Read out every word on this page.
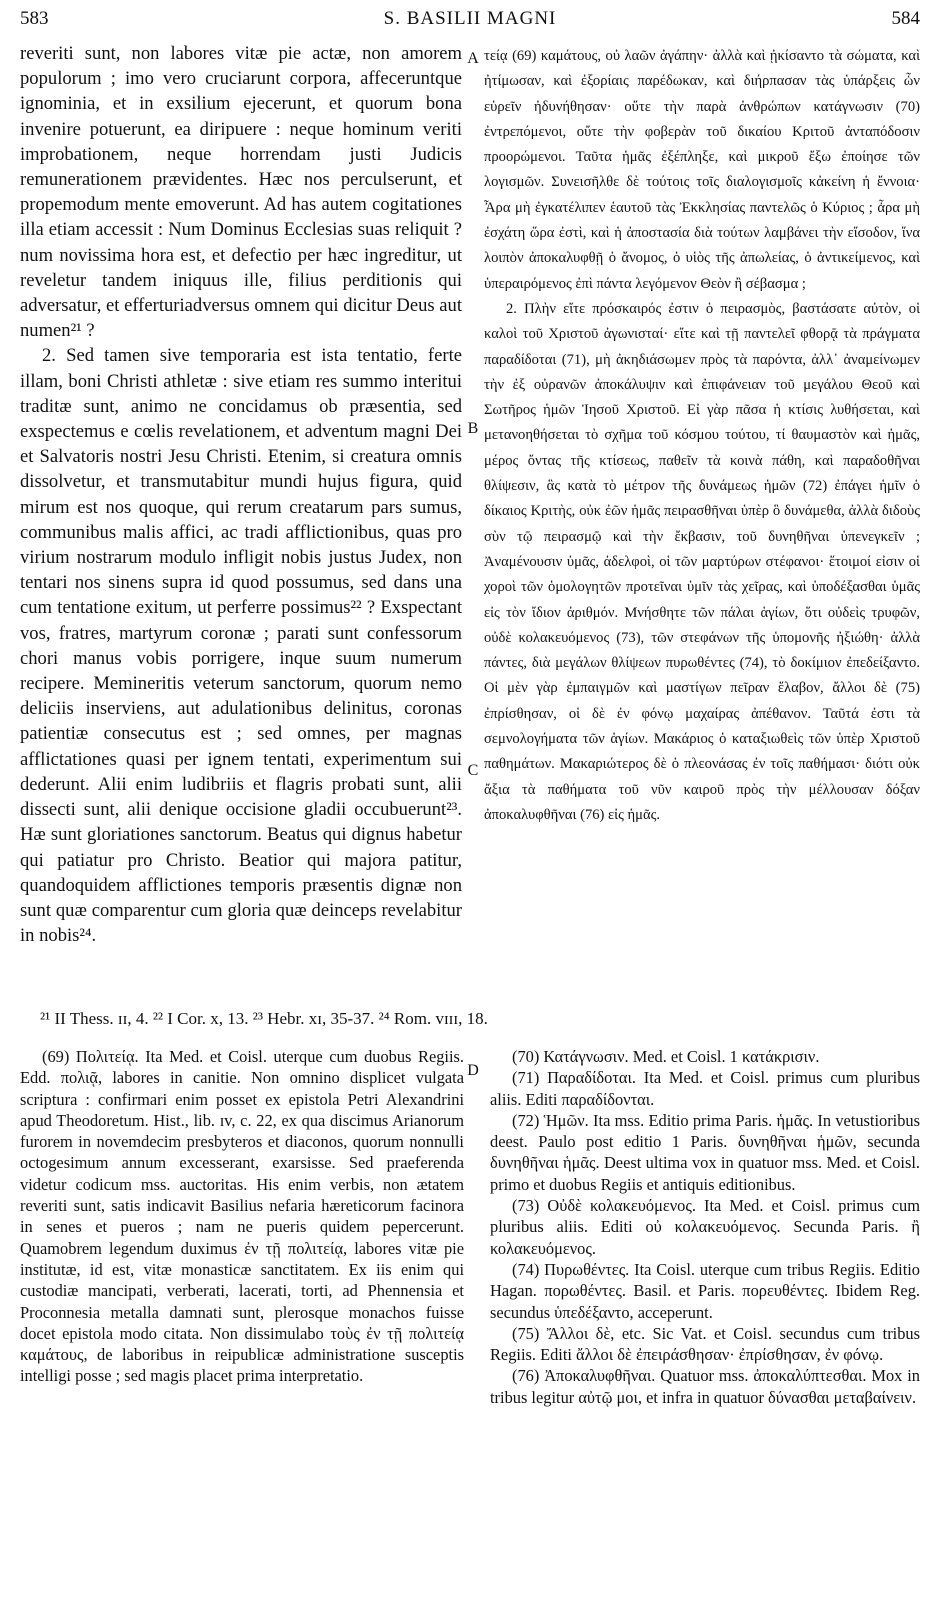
583	S. BASILII MAGNI	584

reveriti sunt, non labores vitæ pie actæ, non amorem populorum ; imo vero cruciarunt corpora, affeceruntque ignominia, et in exsilium ejecerunt, et quorum bona invenire potuerunt, ea diripuere : neque hominum veriti improbationem, neque horrendam justi Judicis remunerationem prævidentes. Hæc nos perculserunt, et propemodum mente emoverunt. Ad has autem cogitationes illa etiam accessit : Num Dominus Ecclesias suas reliquit ? num novissima hora est, et defectio per hæc ingreditur, ut reveletur tandem iniquus ille, filius perditionis qui adversatur, et efferturiadversus omnem qui dicitur Deus aut numen²¹ ?

2. Sed tamen sive temporaria est ista tentatio, ferte illam, boni Christi athletæ : sive etiam res summo interitui traditæ sunt, animo ne concidamus ob præsentia, sed exspectemus e cœlis revelationem, et adventum magni Dei et Salvatoris nostri Jesu Christi. Etenim, si creatura omnis dissolvetur, et transmutabitur mundi hujus figura, quid mirum est nos quoque, qui rerum creatarum pars sumus, communibus malis affici, ac tradi afflictionibus, quas pro virium nostrarum modulo infligit nobis justus Judex, non tentari nos sinens supra id quod possumus, sed dans una cum tentatione exitum, ut perferre possimus²² ? Exspectant vos, fratres, martyrum coronæ ; parati sunt confessorum chori manus vobis porrigere, inque suum numerum recipere. Memineritis veterum sanctorum, quorum nemo deliciis inserviens, aut adulationibus delinitus, coronas patientiæ consecutus est ; sed omnes, per magnas afflictationes quasi per ignem tentati, experimentum sui dederunt. Alii enim ludibriis et flagris probati sunt, alii dissecti sunt, alii denique occisione gladii occubuerunt²³. Hæ sunt gloriationes sanctorum. Beatus qui dignus habetur qui patiatur pro Christo. Beatior qui majora patitur, quandoquidem afflictiones temporis præsentis dignæ non sunt quæ comparentur cum gloria quæ deinceps revelabitur in nobis²⁴.

A
B
C
D

τείᾳ (69) καμάτους, οὐ λαῶν ἀγάπην· ἀλλὰ καὶ ᾐκίσαντο τὰ σώματα, καὶ ἠτίμωσαν, καὶ ἐξορίαις παρέδωκαν, καὶ διήρπασαν τὰς ὑπάρξεις ὧν εὑρεῖν ἠδυνήθησαν· οὔτε τὴν παρὰ ἀνθρώπων κατάγνωσιν (70) ἐντρεπόμενοι, οὔτε τὴν φοβερὰν τοῦ δικαίου Κριτοῦ ἀνταπόδοσιν προορώμενοι. Ταῦτα ἡμᾶς ἐξέπληξε, καὶ μικροῦ ἔξω ἐποίησε τῶν λογισμῶν. Συνεισῆλθε δὲ τούτοις τοῖς διαλογισμοῖς κἀκείνη ἡ ἔννοια· Ἆρα μὴ ἐγκατέλιπεν ἑαυτοῦ τὰς Ἐκκλησίας παντελῶς ὁ Κύριος ; ἆρα μὴ ἐσχάτη ὥρα ἐστὶ, καὶ ἡ ἀποστασία διὰ τούτων λαμβάνει τὴν εἴσοδον, ἵνα λοιπὸν ἀποκαλυφθῇ ὁ ἄνομος, ὁ υἱὸς τῆς ἀπωλείας, ὁ ἀντικείμενος, καὶ ὑπεραιρόμενος ἐπὶ πάντα λεγόμενον Θεὸν ἢ σέβασμα ;

2. Πλὴν εἴτε πρόσκαιρός ἐστιν ὁ πειρασμὸς, βαστάσατε αὐτὸν, οἱ καλοὶ τοῦ Χριστοῦ ἀγωνισταί· εἴτε καὶ τῇ παντελεῖ φθορᾷ τὰ πράγματα παραδίδοται (71), μὴ ἀκηδιάσωμεν πρὸς τὰ παρόντα, ἀλλ᾽ ἀναμείνωμεν τὴν ἐξ οὐρανῶν ἀποκάλυψιν καὶ ἐπιφάνειαν τοῦ μεγάλου Θεοῦ καὶ Σωτῆρος ἡμῶν Ἰησοῦ Χριστοῦ. Εἰ γὰρ πᾶσα ἡ κτίσις λυθήσεται, καὶ μετανοηθήσεται τὸ σχῆμα τοῦ κόσμου τούτου, τί θαυμαστὸν καὶ ἡμᾶς, μέρος ὄντας τῆς κτίσεως, παθεῖν τὰ κοινὰ πάθη, καὶ παραδοθῆναι θλίψεσιν, ἃς κατὰ τὸ μέτρον τῆς δυνάμεως ἡμῶν (72) ἐπάγει ἡμῖν ὁ δίκαιος Κριτὴς, οὐκ ἐῶν ἡμᾶς πειρασθῆναι ὑπὲρ ὃ δυνάμεθα, ἀλλὰ διδοὺς σὺν τῷ πειρασμῷ καὶ τὴν ἔκβασιν, τοῦ δυνηθῆναι ὑπενεγκεῖν ; Ἀναμένουσιν ὑμᾶς, ἀδελφοὶ, οἱ τῶν μαρτύρων στέφανοι· ἕτοιμοί εἰσιν οἱ χοροὶ τῶν ὁμολογητῶν προτεῖναι ὑμῖν τὰς χεῖρας, καὶ ὑποδέξασθαι ὑμᾶς εἰς τὸν ἴδιον ἀριθμόν. Μνήσθητε τῶν πάλαι ἁγίων, ὅτι οὐδεὶς τρυφῶν, οὐδὲ κολακευόμενος (73), τῶν στεφάνων τῆς ὑπομονῆς ἠξιώθη· ἀλλὰ πάντες, διὰ μεγάλων θλίψεων πυρωθέντες (74), τὸ δοκίμιον ἐπεδείξαντο. Οἱ μὲν γὰρ ἐμπαιγμῶν καὶ μαστίγων πεῖραν ἔλαβον, ἄλλοι δὲ (75) ἐπρίσθησαν, οἱ δὲ ἐν φόνῳ μαχαίρας ἀπέθανον. Ταῦτά ἐστι τὰ σεμνολογήματα τῶν ἁγίων. Μακάριος ὁ καταξιωθεὶς τῶν ὑπὲρ Χριστοῦ παθημάτων. Μακαριώτερος δὲ ὁ πλεονάσας ἐν τοῖς παθήμασι· διότι οὐκ ἄξια τὰ παθήματα τοῦ νῦν καιροῦ πρὸς τὴν μέλλουσαν δόξαν ἀποκαλυφθῆναι (76) εἰς ἡμᾶς.

²¹ II Thess. ɪɪ, 4. ²² I Cor. x, 13. ²³ Hebr. xɪ, 35-37. ²⁴ Rom. vɪɪɪ, 18.

(69) Πολιτείᾳ. Ita Med. et Coisl. uterque cum duobus Regiis. Edd. πολιᾷ, labores in canitie. Non omnino displicet vulgata scriptura : confirmari enim posset ex epistola Petri Alexandrini apud Theodoretum. Hist., lib. ɪv, c. 22, ex qua discimus Arianorum furorem in novemdecim presbyteros et diaconos, quorum nonnulli octogesimum annum excesserant, exarsisse. Sed praeferenda videtur codicum mss. auctoritas. His enim verbis, non ætatem reveriti sunt, satis indicavit Basilius nefaria hæreticorum facinora in senes et pueros ; nam ne pueris quidem pepercerunt. Quamobrem legendum duximus ἐν τῇ πολιτείᾳ, labores vitæ pie institutæ, id est, vitæ monasticæ sanctitatem. Ex iis enim qui custodiæ mancipati, verberati, lacerati, torti, ad Phennensia et Proconnesia metalla damnati sunt, plerosque monachos fuisse docet epistola modo citata. Non dissimulabo τοὺς ἐν τῇ πολιτείᾳ καμάτους, de laboribus in reipublicæ administratione susceptis intelligi posse ; sed magis placet prima interpretatio.

(70) Κατάγνωσιν. Med. et Coisl. 1 κατάκρισιν.

(71) Παραδίδοται. Ita Med. et Coisl. primus cum pluribus aliis. Editi παραδίδονται.

(72) Ἡμῶν. Ita mss. Editio prima Paris. ἡμᾶς. In vetustioribus deest. Paulo post editio 1 Paris. δυνηθῆναι ἡμῶν, secunda δυνηθῆναι ἡμᾶς. Deest ultima vox in quatuor mss. Med. et Coisl. primo et duobus Regiis et antiquis editionibus.

(73) Οὐδὲ κολακευόμενος. Ita Med. et Coisl. primus cum pluribus aliis. Editi οὐ κολακευόμενος. Secunda Paris. ἢ κολακευόμενος.

(74) Πυρωθέντες. Ita Coisl. uterque cum tribus Regiis. Editio Hagan. πορωθέντες. Basil. et Paris. πορευθέντες. Ibidem Reg. secundus ὑπεδέξαντο, acceperunt.

(75) Ἄλλοι δὲ, etc. Sic Vat. et Coisl. secundus cum tribus Regiis. Editi ἄλλοι δὲ ἐπειράσθησαν· ἐπρίσθησαν, ἐν φόνῳ.

(76) Ἀποκαλυφθῆναι. Quatuor mss. ἀποκαλύπτεσθαι. Mox in tribus legitur αὐτῷ μοι, et infra in quatuor δύνασθαι μεταβαίνειν.
